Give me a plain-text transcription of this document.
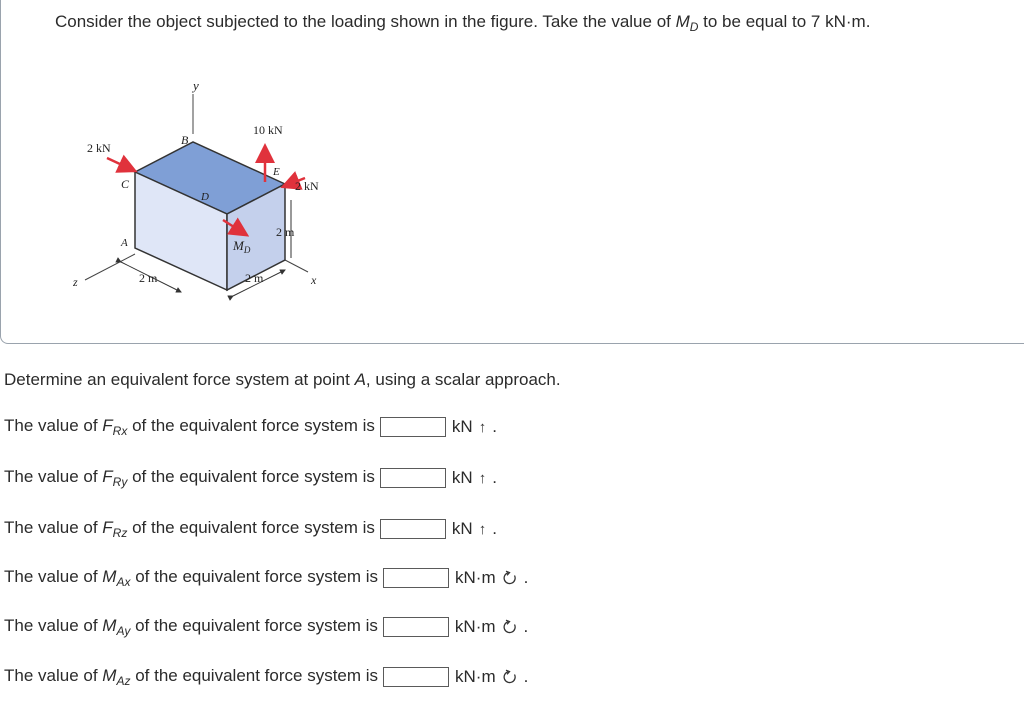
Consider the object subjected to the loading shown in the figure. Take the value of $M_D$ to be equal to 7 kN·m.
y
z	x
B
C
D
E
A
2 kN
10 kN
2 kN
$M_D$
2 m
2 m	2 m
Determine an equivalent force system at point A, using a scalar approach.
The value of $F_{Rx}$ of the equivalent force system is	kN ↑ .
The value of $F_{Ry}$ of the equivalent force system is	kN ↑ .
The value of $F_{Rz}$ of the equivalent force system is	kN ↑ .
The value of $M_{Ax}$ of the equivalent force system is	kN·m .
The value of $M_{Ay}$ of the equivalent force system is	kN·m .
The value of $M_{Az}$ of the equivalent force system is	kN·m .
